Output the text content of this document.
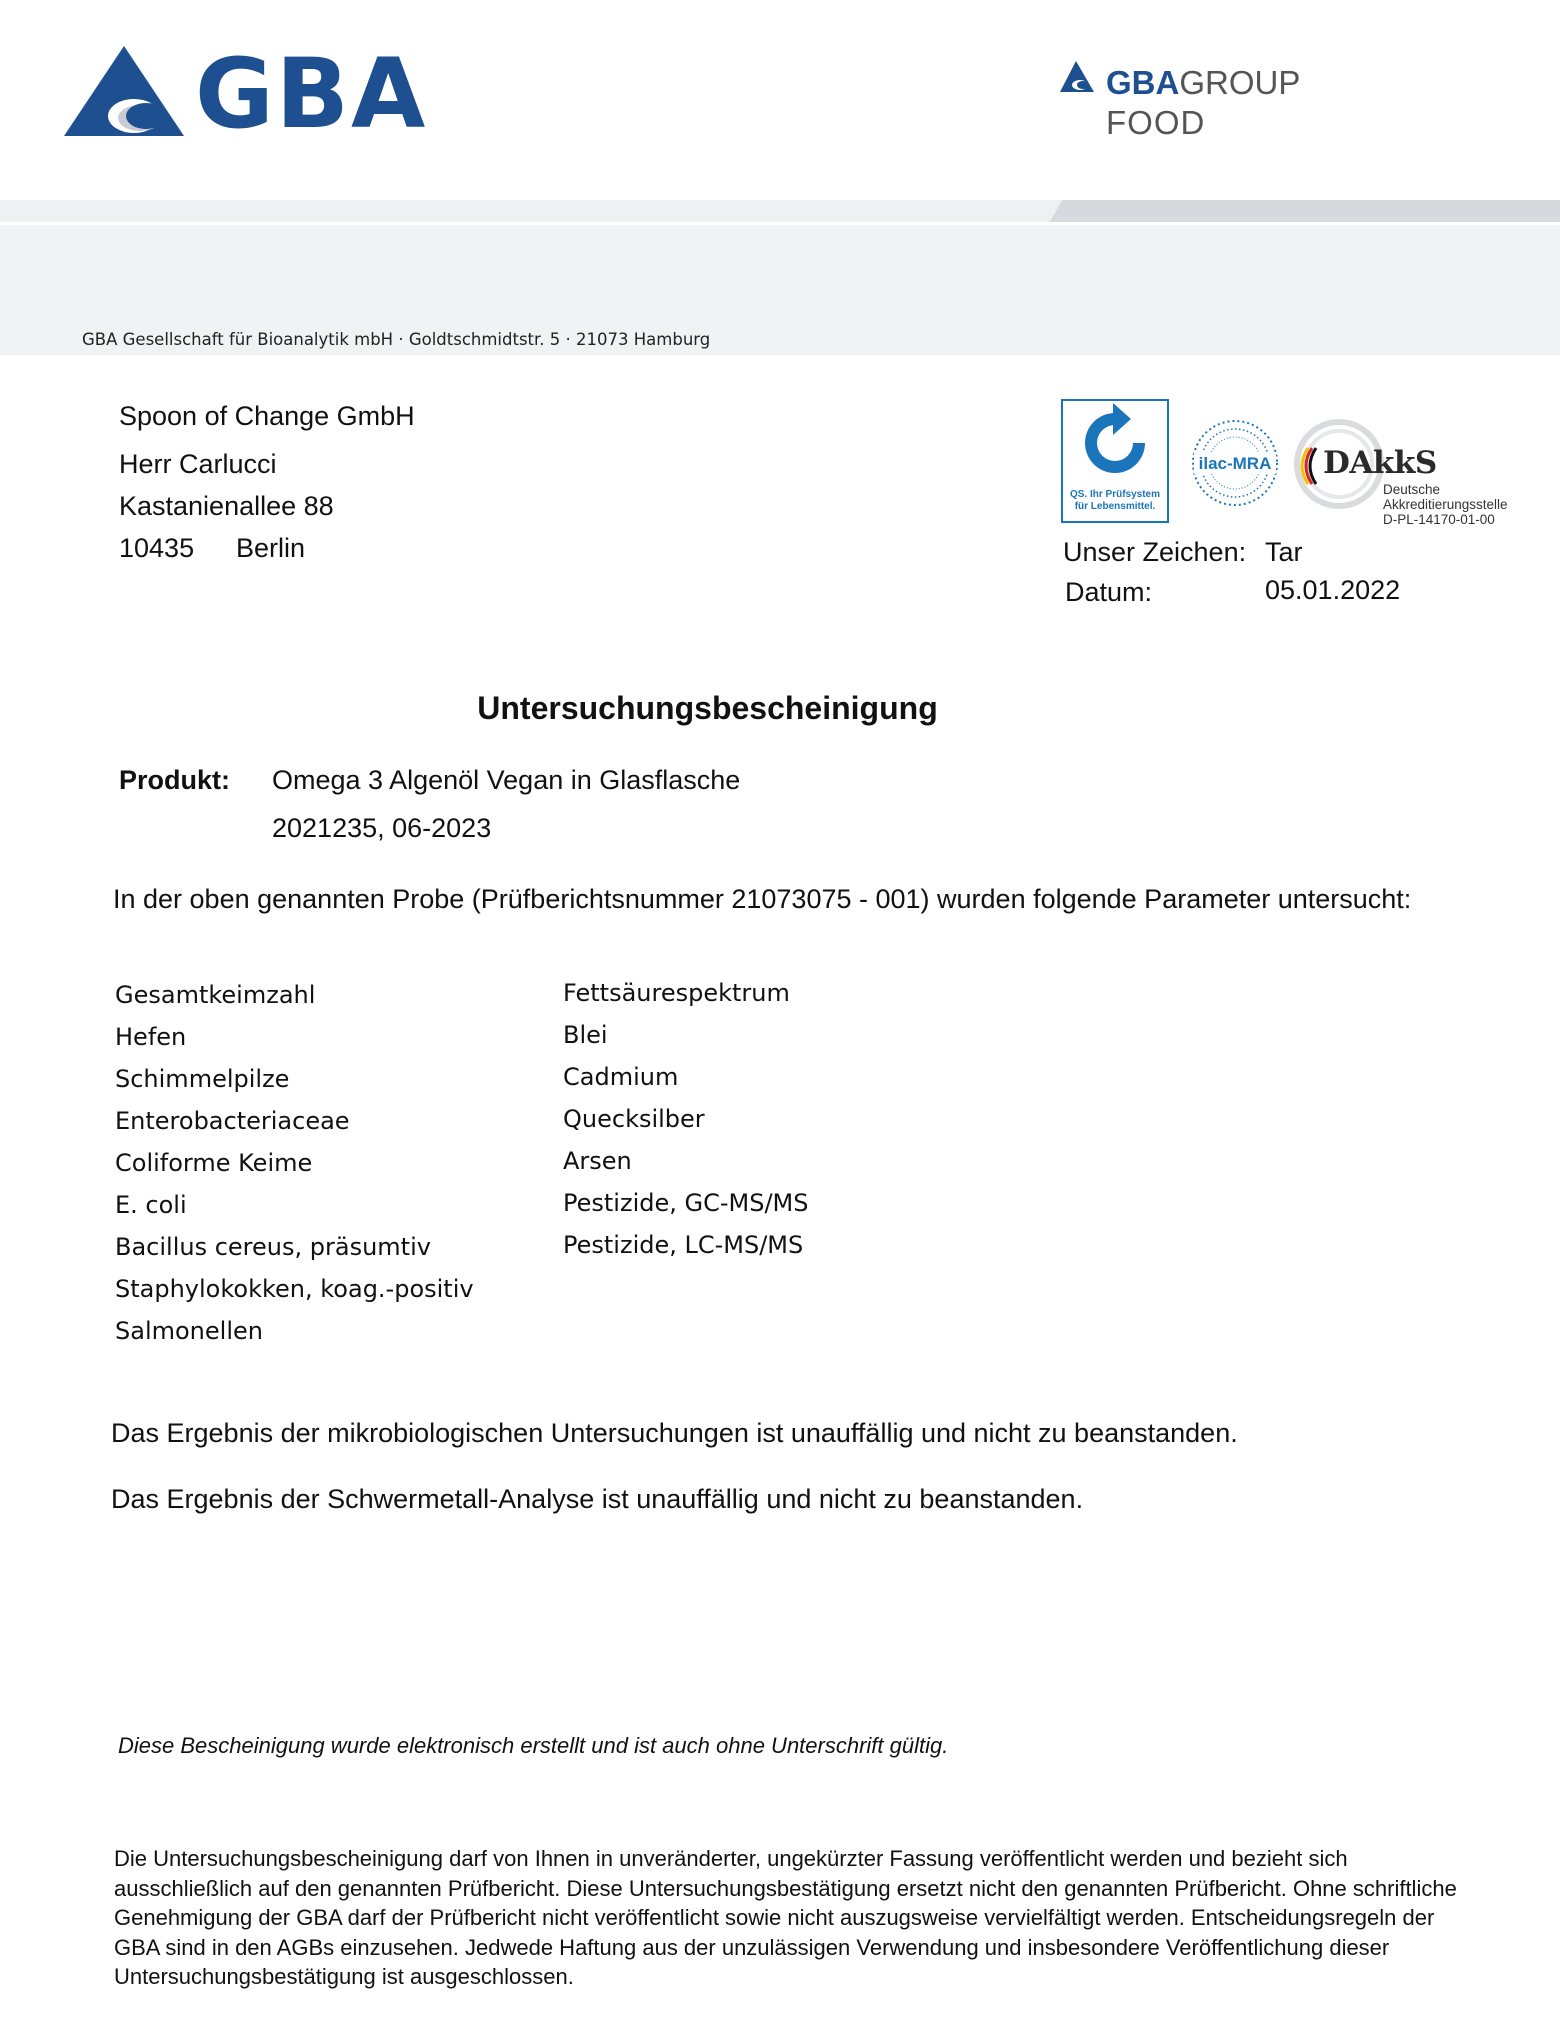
GBA	GBAGROUP
FOOD
GBA Gesellschaft für Bioanalytik mbH · Goldtschmidtstr. 5 · 21073 Hamburg
Spoon of Change GmbH
Herr Carlucci
Kastanienallee 88
10435 Berlin
QS. Ihr Prüfsystem für Lebensmittel.
ilac-MRA DAkkS
Deutsche
Akkreditierungsstelle
D-PL-14170-01-00
Unser Zeichen: Tar
Datum:	05.01.2022
Untersuchungsbescheinigung
Produkt: Omega 3 Algenöl Vegan in Glasflasche
2021235, 06-2023
In der oben genannten Probe (Prüfberichtsnummer 21073075 - 001) wurden folgende Parameter untersucht:
Gesamtkeimzahl
Hefen
Schimmelpilze
Enterobacteriaceae
Coliforme Keime
E. coli
Bacillus cereus, präsumtiv
Staphylokokken, koag.-positiv
Salmonellen
Fettsäurespektrum
Blei
Cadmium
Quecksilber
Arsen
Pestizide, GC-MS/MS
Pestizide, LC-MS/MS
Das Ergebnis der mikrobiologischen Untersuchungen ist unauffällig und nicht zu beanstanden.
Das Ergebnis der Schwermetall-Analyse ist unauffällig und nicht zu beanstanden.
Diese Bescheinigung wurde elektronisch erstellt und ist auch ohne Unterschrift gültig.
Die Untersuchungsbescheinigung darf von Ihnen in unveränderter, ungekürzter Fassung veröffentlicht werden und bezieht sich ausschließlich auf den genannten Prüfbericht. Diese Untersuchungsbestätigung ersetzt nicht den genannten Prüfbericht. Ohne schriftliche Genehmigung der GBA darf der Prüfbericht nicht veröffentlicht sowie nicht auszugsweise vervielfältigt werden. Entscheidungsregeln der GBA sind in den AGBs einzusehen. Jedwede Haftung aus der unzulässigen Verwendung und insbesondere Veröffentlichung dieser Untersuchungsbestätigung ist ausgeschlossen.
